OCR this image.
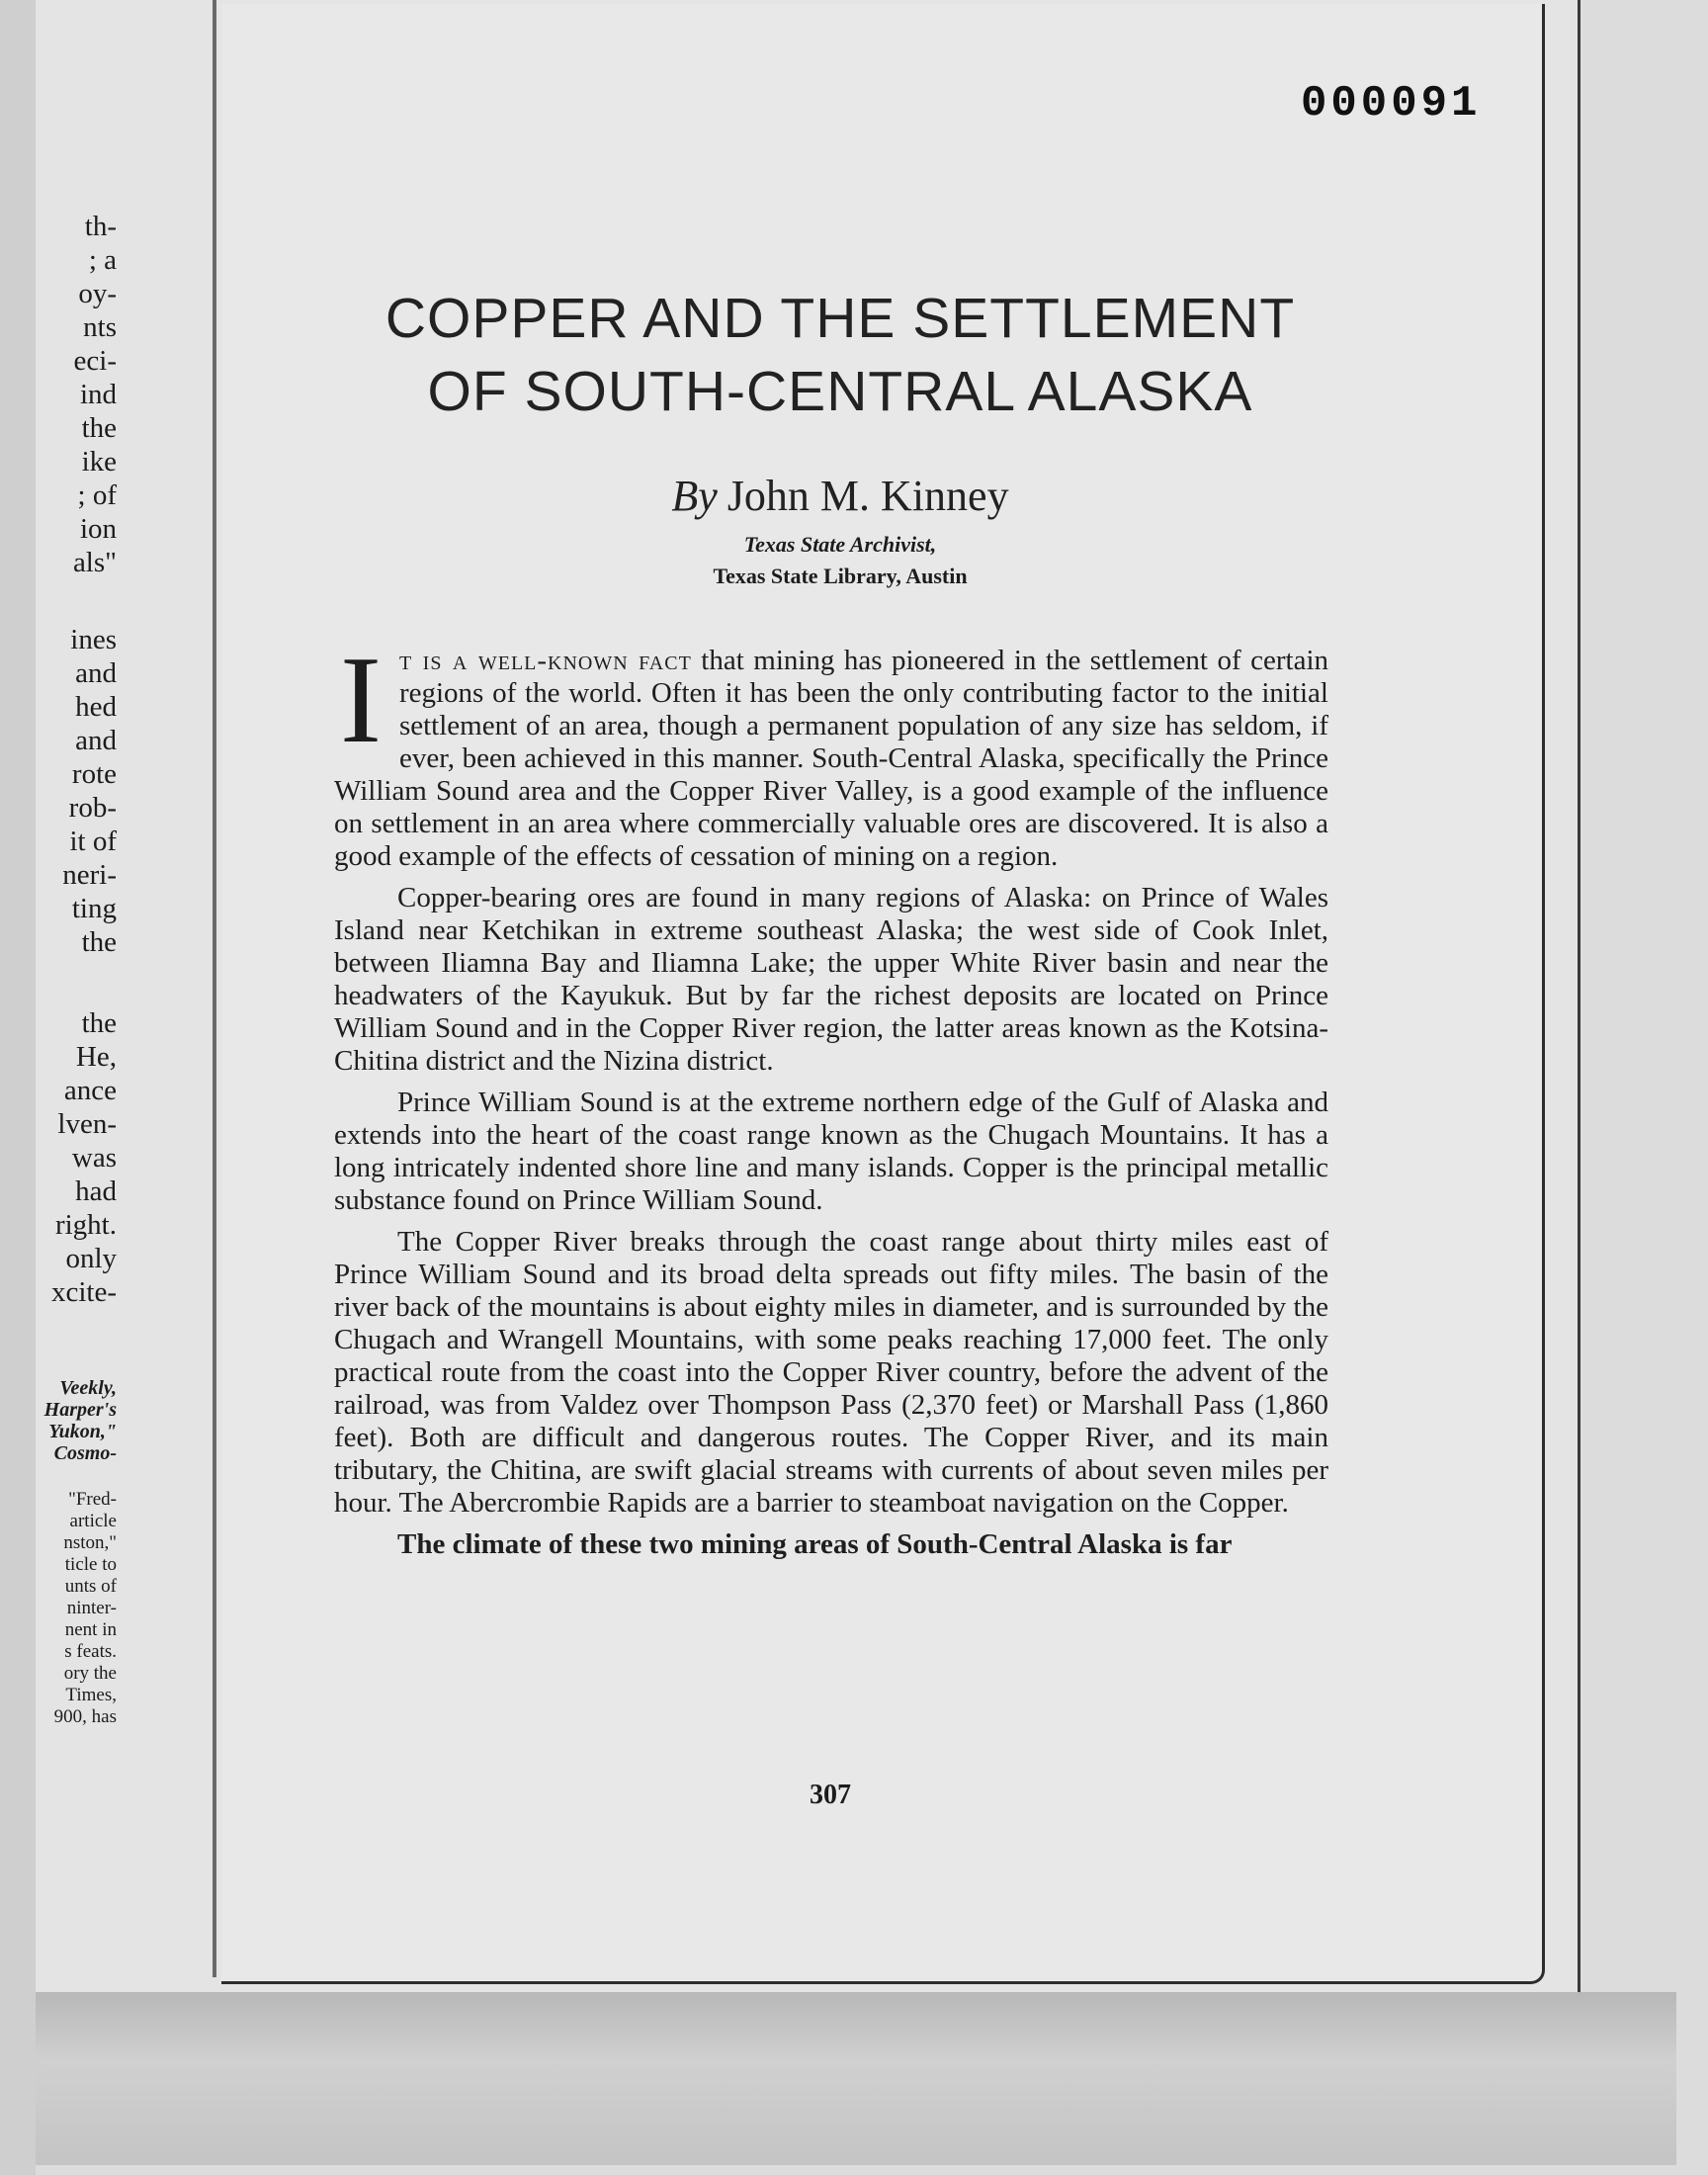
th-
; a
oy-
nts
eci-
ind
the
ike
; of
ion
als"
ines
and
hed
and
rote
rob-
it of
neri-
ting
the
the
He,
ance
lven-
was
had
right.
only
xcite-
Veekly,
Harper's
Yukon,"
Cosmo-
"Fred-
article
nston,"
ticle to
unts of
ninter-
nent in
s feats.
ory the
Times,
900, has
000091
COPPER AND THE SETTLEMENT
OF SOUTH-CENTRAL ALASKA
By John M. Kinney
Texas State Archivist,
Texas State Library, Austin

It is a well-known fact that mining has pioneered in the settlement of certain regions of the world. Often it has been the only contributing factor to the initial settlement of an area, though a permanent population of any size has seldom, if ever, been achieved in this manner. South-Central Alaska, specifically the Prince William Sound area and the Copper River Valley, is a good example of the influence on settlement in an area where commercially valuable ores are discovered. It is also a good example of the effects of cessation of mining on a region.

Copper-bearing ores are found in many regions of Alaska: on Prince of Wales Island near Ketchikan in extreme southeast Alaska; the west side of Cook Inlet, between Iliamna Bay and Iliamna Lake; the upper White River basin and near the headwaters of the Kayukuk. But by far the richest deposits are located on Prince William Sound and in the Copper River region, the latter areas known as the Kotsina-Chitina district and the Nizina district.

Prince William Sound is at the extreme northern edge of the Gulf of Alaska and extends into the heart of the coast range known as the Chugach Mountains. It has a long intricately indented shore line and many islands. Copper is the principal metallic substance found on Prince William Sound.

The Copper River breaks through the coast range about thirty miles east of Prince William Sound and its broad delta spreads out fifty miles. The basin of the river back of the mountains is about eighty miles in diameter, and is surrounded by the Chugach and Wrangell Mountains, with some peaks reaching 17,000 feet. The only practical route from the coast into the Copper River country, before the advent of the railroad, was from Valdez over Thompson Pass (2,370 feet) or Marshall Pass (1,860 feet). Both are difficult and dangerous routes. The Copper River, and its main tributary, the Chitina, are swift glacial streams with currents of about seven miles per hour. The Abercrombie Rapids are a barrier to steamboat navigation on the Copper.

The climate of these two mining areas of South-Central Alaska is far

307
